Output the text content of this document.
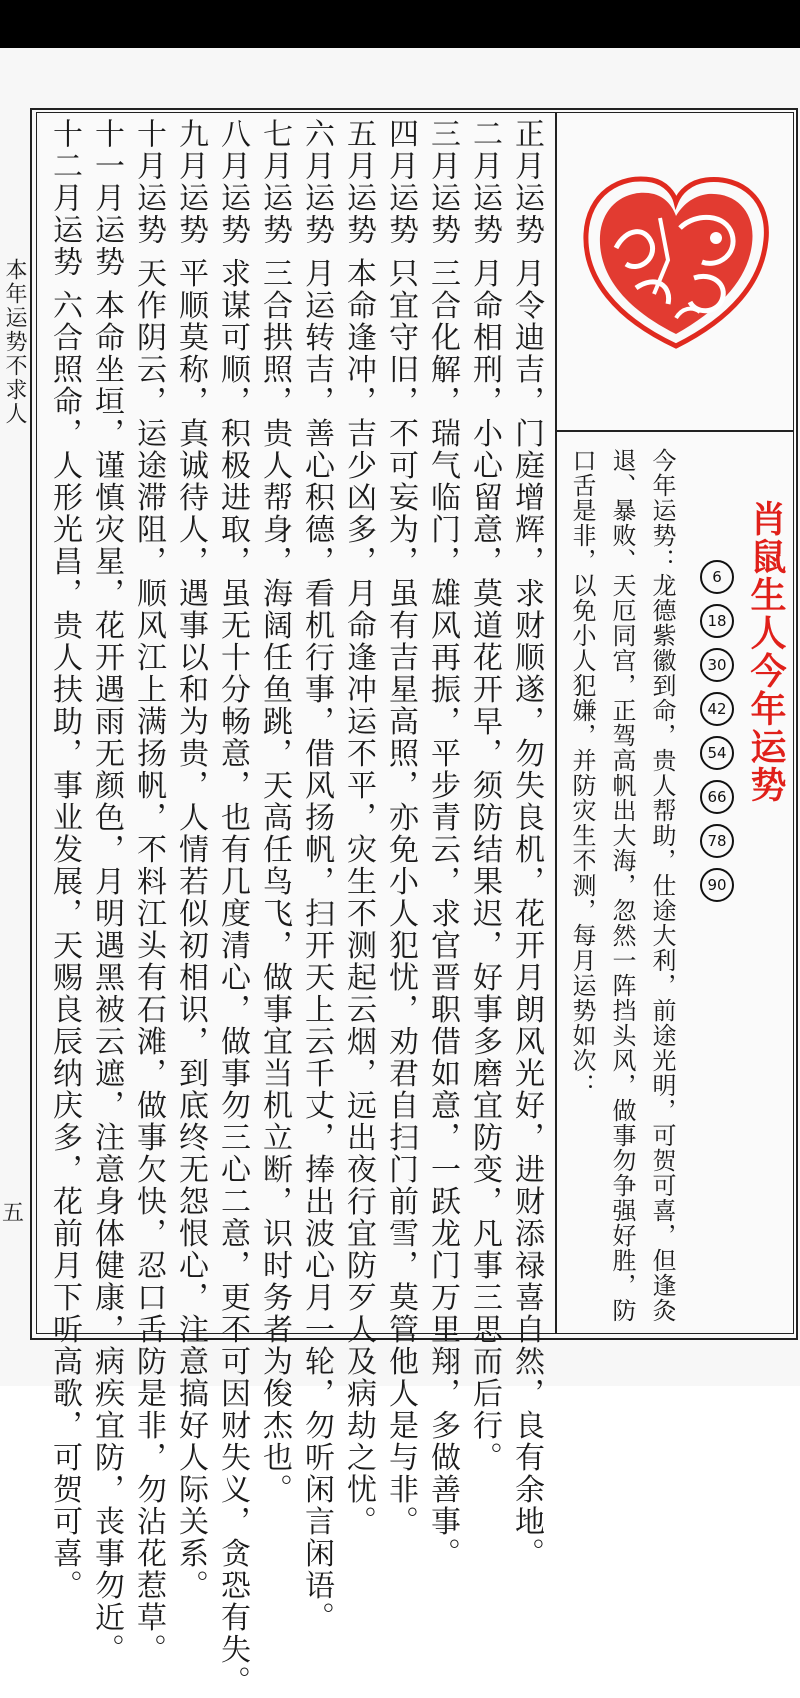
本年运势不求人
五
肖鼠生人今年运势
6
18
30
42
54
66
78
90
今年运势：龙德紫徽到命，贵人帮助，仕途大利，前途光明，可贺可喜，但逢灸
退、暴败、天厄同宫，正驾高帆出大海，忽然一阵挡头风，做事勿争强好胜，防
口舌是非，以免小人犯嫌，并防灾生不测，每月运势如次：
正月运势 月令迪吉，门庭增辉，求财顺遂，勿失良机，花开月朗风光好，进财添禄喜自然，良有余地。
二月运势 月命相刑，小心留意，莫道花开早，须防结果迟，好事多磨宜防变，凡事三思而后行。
三月运势 三合化解，瑞气临门，雄风再振，平步青云，求官晋职借如意，一跃龙门万里翔，多做善事。
四月运势 只宜守旧，不可妄为，虽有吉星高照，亦免小人犯忧，劝君自扫门前雪，莫管他人是与非。
五月运势 本命逢冲，吉少凶多，月命逢冲运不平，灾生不测起云烟，远出夜行宜防歹人及病劫之忧。
六月运势 月运转吉，善心积德，看机行事，借风扬帆，扫开天上云千丈，捧出波心月一轮，勿听闲言闲语。
七月运势 三合拱照，贵人帮身，海阔任鱼跳，天高任鸟飞，做事宜当机立断，识时务者为俊杰也。
八月运势 求谋可顺，积极进取，虽无十分畅意，也有几度清心，做事勿三心二意，更不可因财失义，贪恐有失。
九月运势 平顺莫称，真诚待人，遇事以和为贵，人情若似初相识，到底终无怨恨心，注意搞好人际关系。
十月运势 天作阴云，运途滞阻，顺风江上满扬帆，不料江头有石滩，做事欠快，忍口舌防是非，勿沾花惹草。
十一月运势 本命坐垣，谨慎灾星，花开遇雨无颜色，月明遇黑被云遮，注意身体健康，病疾宜防，丧事勿近。
十二月运势 六合照命，人形光昌，贵人扶助，事业发展，天赐良辰纳庆多，花前月下听高歌，可贺可喜。
